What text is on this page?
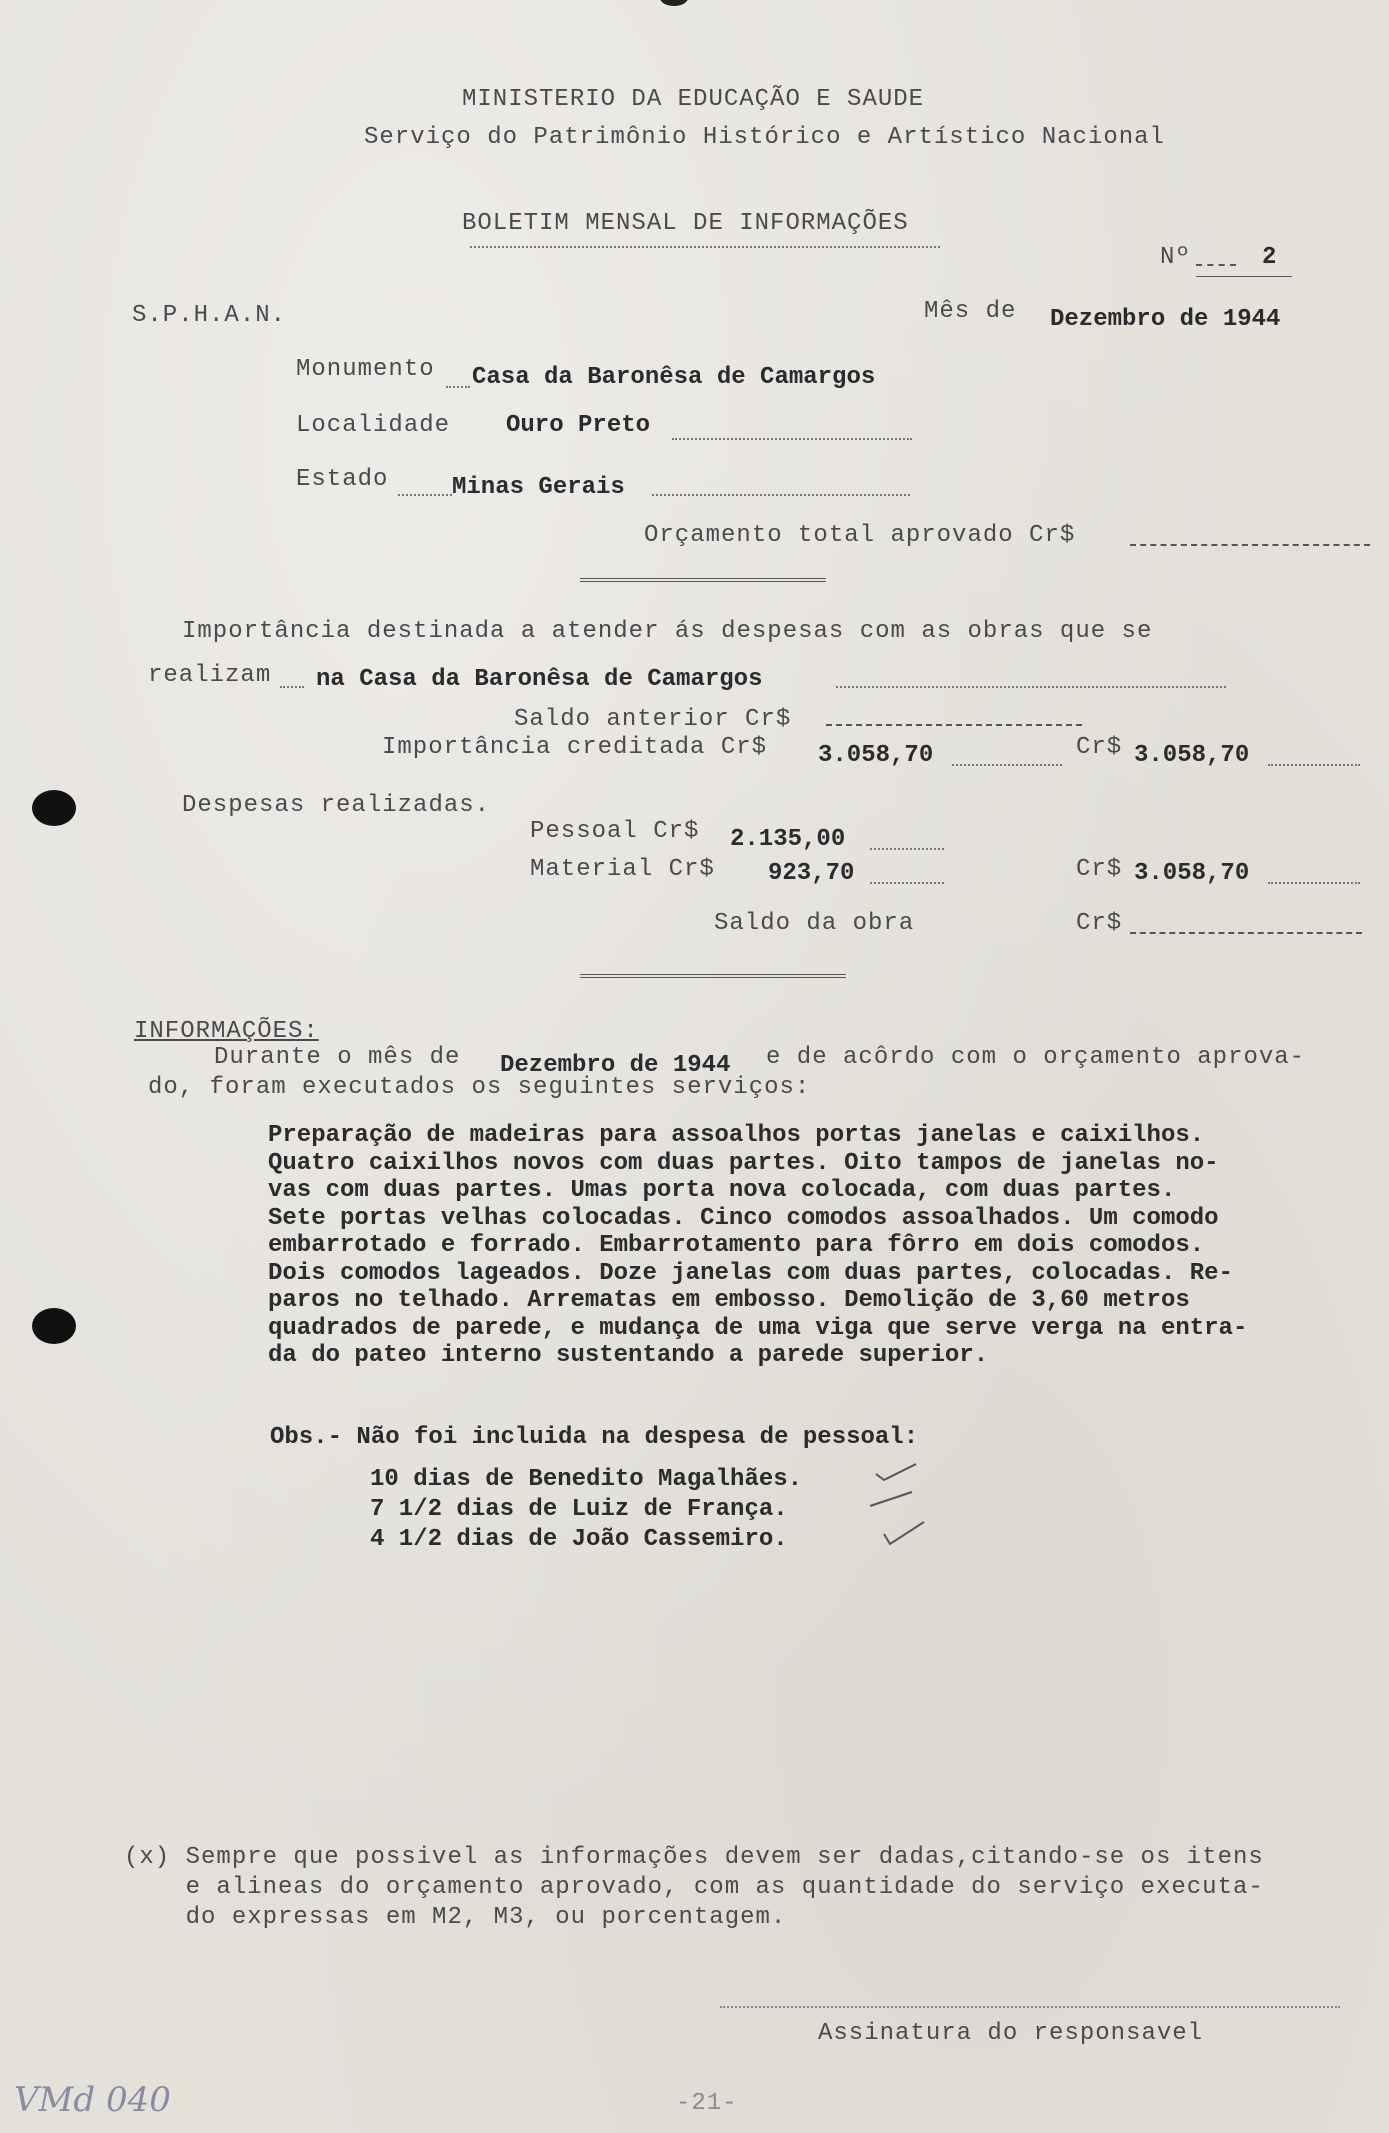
MINISTERIO DA EDUCAÇÃO E SAUDE
Serviço do Patrimônio Histórico e Artístico Nacional
BOLETIM MENSAL DE INFORMAÇÕES
Nº	2
S.P.H.A.N.	Mês de Dezembro de 1944
Monumento Casa da Baronêsa de Camargos
Localidade Ouro Preto
Estado	Minas Gerais
Orçamento total aprovado Cr$
Importância destinada a atender ás despesas com as obras que se
realizam na Casa da Baronêsa de Camargos
Saldo anterior Cr$
Importância creditada Cr$ 3.058,70	Cr$ 3.058,70
Despesas realizadas.
Pessoal Cr$ 2.135,00
Material Cr$ 923,70	Cr$ 3.058,70
Saldo da obra	Cr$
INFORMAÇÕES:
Durante o mês de Dezembro de 1944 e de acôrdo com o orçamento aprova-
do, foram executados os seguintes serviços:
Preparação de madeiras para assoalhos portas janelas e caixilhos.
Quatro caixilhos novos com duas partes. Oito tampos de janelas no-
vas com duas partes. Umas porta nova colocada, com duas partes.
Sete portas velhas colocadas. Cinco comodos assoalhados. Um comodo
embarrotado e forrado. Embarrotamento para fôrro em dois comodos.
Dois comodos lageados. Doze janelas com duas partes, colocadas. Re-
paros no telhado. Arrematas em embosso. Demolição de 3,60 metros
quadrados de parede, e mudança de uma viga que serve verga na entra-
da do pateo interno sustentando a parede superior.
Obs.- Não foi incluida na despesa de pessoal:
10 dias de Benedito Magalhães.
7 1/2 dias de Luiz de França.
4 1/2 dias de João Cassemiro.
(x) Sempre que possivel as informações devem ser dadas,citando-se os itens
e alineas do orçamento aprovado, com as quantidade do serviço executa-
do expressas em M2, M3, ou porcentagem.
Assinatura do responsavel
VMd 040	-21-
